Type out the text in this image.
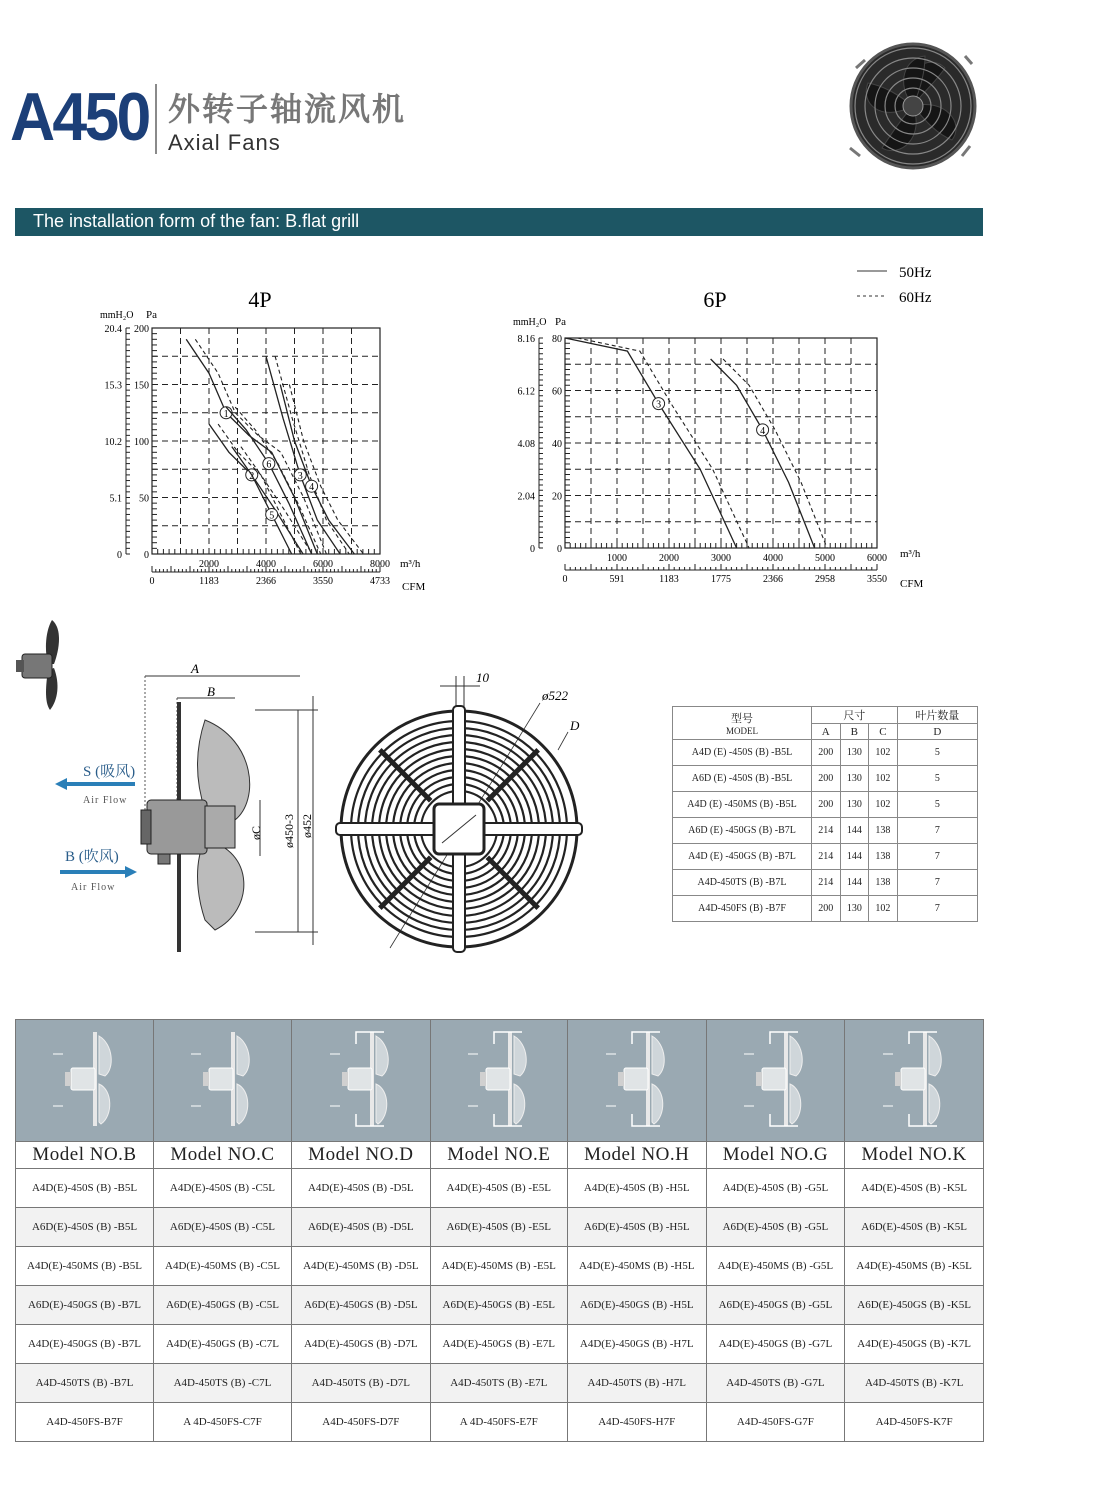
A450 外转子轴流风机
Axial Fans
The installation form of the fan: B.flat grill
50Hz
60Hz
4P
mmH₂O Pa
m³/h
CFM
20.4
15.3
10.2
5.1
0
200
150
100
50
0
2000	4000	6000	8000
0	1183	2366	3550	4733
1
2	3
4
5
6
6P
mmH₂O Pa
m³/h
CFM
8.16
6.12
4.08
2.04
0
80
60
40
20
0
1000	2000	3000	4000	5000	6000
0	591	1183	1775	2366	2958	3550
3
4
A
B
øC ø450-3 ø452
S (吸风)
Air Flow
B (吹风)
Air Flow
10
ø522
D	型号
MODEL	尺寸			叶片数量
	A	B	C	D
A4D (E) -450S (B) -B5L	200	130	102	5
A6D (E) -450S (B) -B5L	200	130	102	5
A4D (E) -450MS (B) -B5L	200	130	102	5
A6D (E) -450GS (B) -B7L	214	144	138	7
A4D (E) -450GS (B) -B7L	214	144	138	7
A4D-450TS (B) -B7L	214	144	138	7
A4D-450FS (B) -B7F	200	130	102	7

Model NO.B	Model NO.C	Model NO.D	Model NO.E	Model NO.H	Model NO.G	Model NO.K
A4D(E)-450S (B) -B5L	A4D(E)-450S (B) -C5L	A4D(E)-450S (B) -D5L	A4D(E)-450S (B) -E5L	A4D(E)-450S (B) -H5L	A4D(E)-450S (B) -G5L	A4D(E)-450S (B) -K5L
A6D(E)-450S (B) -B5L	A6D(E)-450S (B) -C5L	A6D(E)-450S (B) -D5L	A6D(E)-450S (B) -E5L	A6D(E)-450S (B) -H5L	A6D(E)-450S (B) -G5L	A6D(E)-450S (B) -K5L
A4D(E)-450MS (B) -B5L	A4D(E)-450MS (B) -C5L	A4D(E)-450MS (B) -D5L	A4D(E)-450MS (B) -E5L	A4D(E)-450MS (B) -H5L	A4D(E)-450MS (B) -G5L	A4D(E)-450MS (B) -K5L
A6D(E)-450GS (B) -B7L	A6D(E)-450GS (B) -C5L	A6D(E)-450GS (B) -D5L	A6D(E)-450GS (B) -E5L	A6D(E)-450GS (B) -H5L	A6D(E)-450GS (B) -G5L	A6D(E)-450GS (B) -K5L
A4D(E)-450GS (B) -B7L	A4D(E)-450GS (B) -C7L	A4D(E)-450GS (B) -D7L	A4D(E)-450GS (B) -E7L	A4D(E)-450GS (B) -H7L	A4D(E)-450GS (B) -G7L	A4D(E)-450GS (B) -K7L
A4D-450TS (B) -B7L	A4D-450TS (B) -C7L	A4D-450TS (B) -D7L	A4D-450TS (B) -E7L	A4D-450TS (B) -H7L	A4D-450TS (B) -G7L	A4D-450TS (B) -K7L
A4D-450FS-B7F	A 4D-450FS-C7F	A4D-450FS-D7F	A 4D-450FS-E7F	A4D-450FS-H7F	A4D-450FS-G7F	A4D-450FS-K7F
